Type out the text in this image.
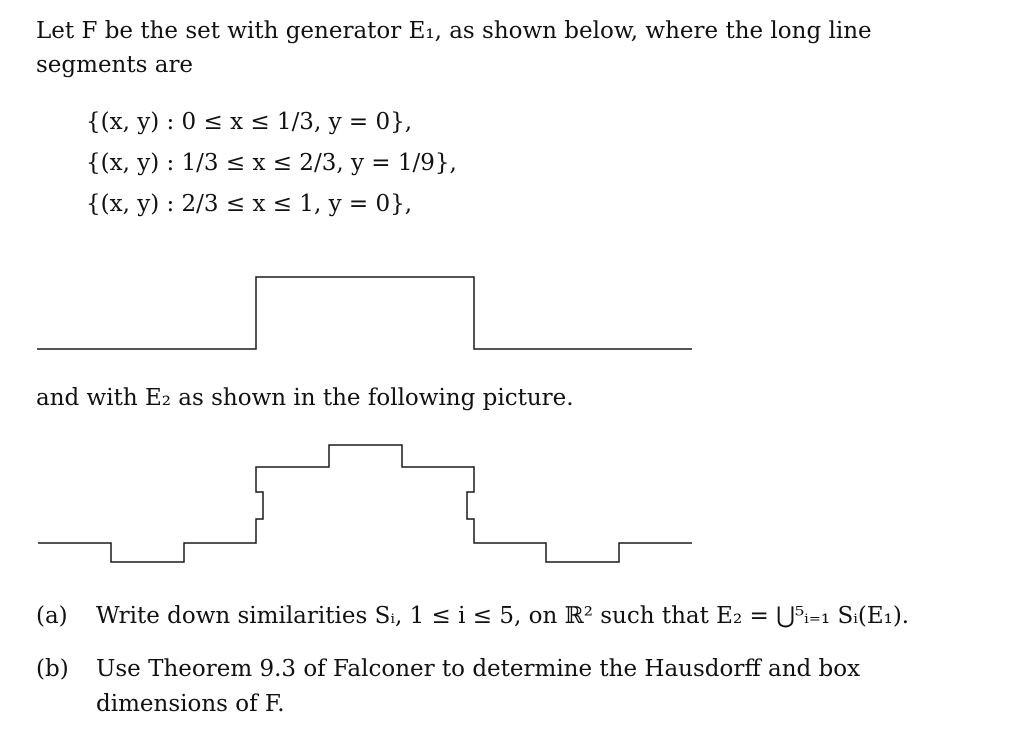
Let F be the set with generator E₁, as shown below, where the long line segments are
{(x, y) : 0 ≤ x ≤ 1/3, y = 0},
{(x, y) : 1/3 ≤ x ≤ 2/3, y = 1/9},
{(x, y) : 2/3 ≤ x ≤ 1, y = 0},
and with E₂ as shown in the following picture.
(a) Write down similarities Sᵢ, 1 ≤ i ≤ 5, on ℝ² such that E₂ = ⋃⁵ᵢ₌₁ Sᵢ(E₁).
(b) Use Theorem 9.3 of Falconer to determine the Hausdorff and box dimensions of F.
